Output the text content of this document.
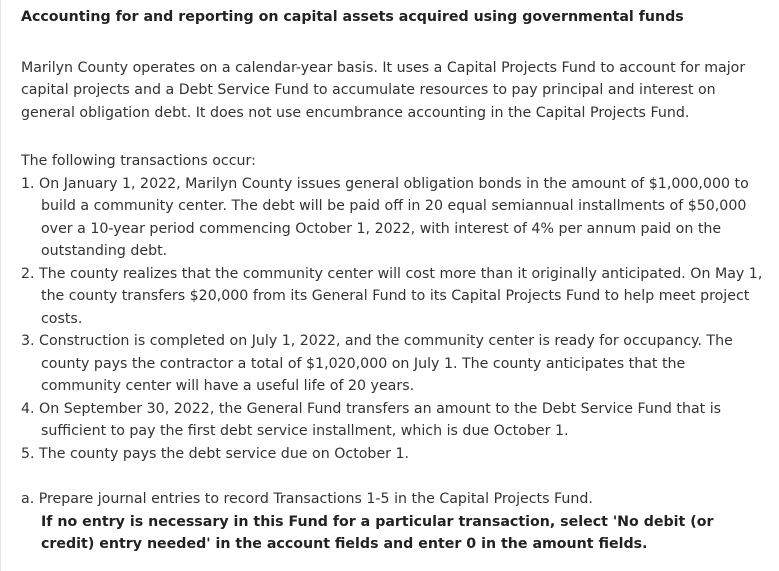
Accounting for and reporting on capital assets acquired using governmental funds

Marilyn County operates on a calendar-year basis. It uses a Capital Projects Fund to account for major capital projects and a Debt Service Fund to accumulate resources to pay principal and interest on general obligation debt. It does not use encumbrance accounting in the Capital Projects Fund.

The following transactions occur:

1. On January 1, 2022, Marilyn County issues general obligation bonds in the amount of $1,000,000 to build a community center. The debt will be paid off in 20 equal semiannual installments of $50,000 over a 10-year period commencing October 1, 2022, with interest of 4% per annum paid on the outstanding debt.
2. The county realizes that the community center will cost more than it originally anticipated. On May 1, the county transfers $20,000 from its General Fund to its Capital Projects Fund to help meet project costs.
3. Construction is completed on July 1, 2022, and the community center is ready for occupancy. The county pays the contractor a total of $1,020,000 on July 1. The county anticipates that the community center will have a useful life of 20 years.
4. On September 30, 2022, the General Fund transfers an amount to the Debt Service Fund that is sufficient to pay the first debt service installment, which is due October 1.
5. The county pays the debt service due on October 1.
a. Prepare journal entries to record Transactions 1-5 in the Capital Projects Fund.
If no entry is necessary in this Fund for a particular transaction, select 'No debit (or credit) entry needed' in the account fields and enter 0 in the amount fields.
